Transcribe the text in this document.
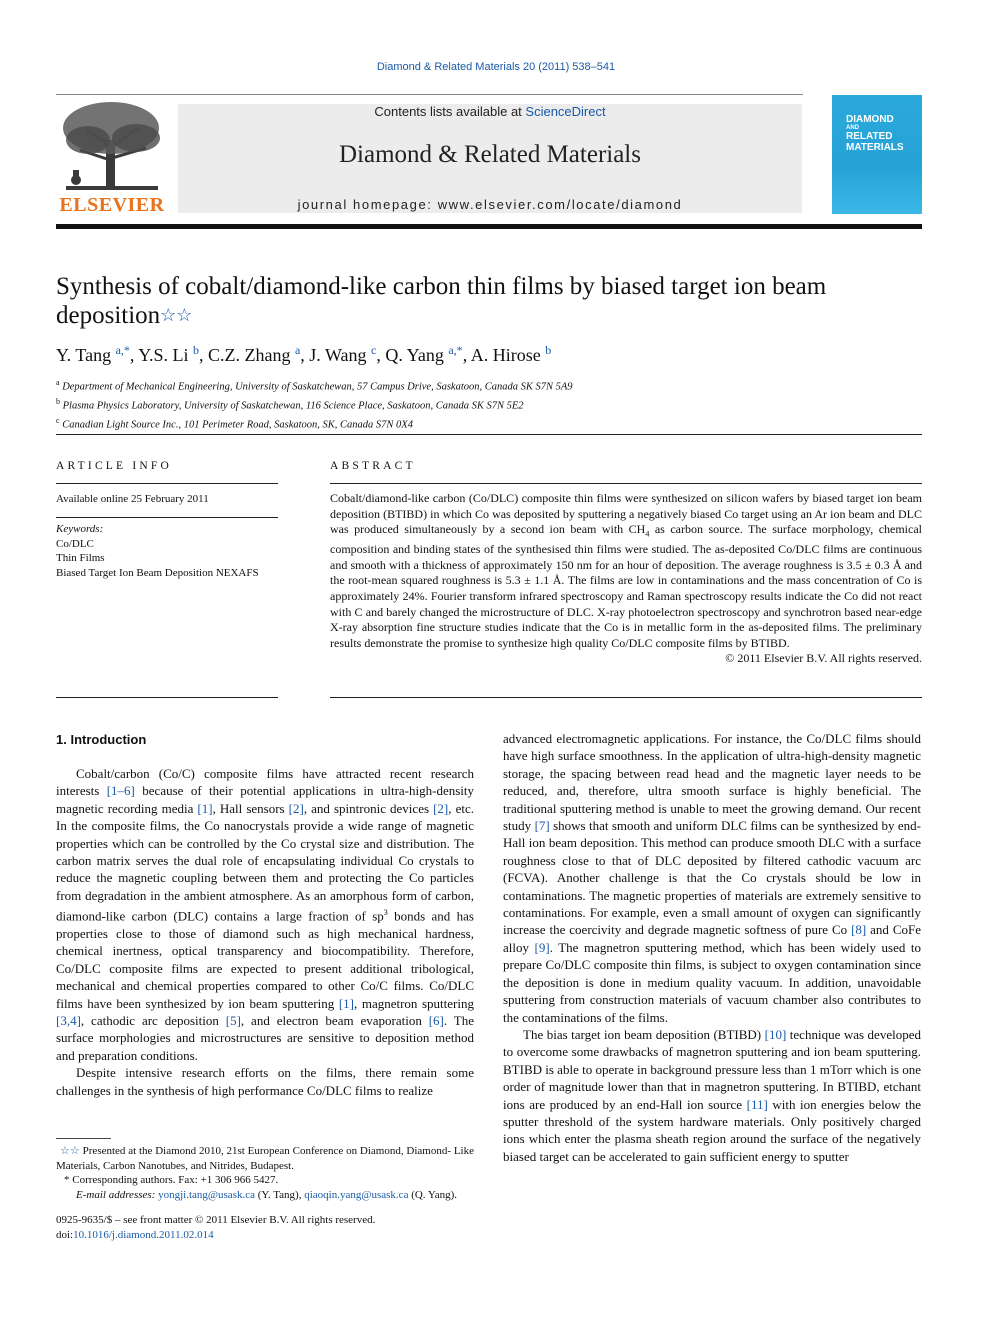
Diamond & Related Materials 20 (2011) 538–541
ELSEVIER
Contents lists available at ScienceDirect
Diamond & Related Materials
journal homepage: www.elsevier.com/locate/diamond
DIAMOND
AND
RELATED
MATERIALS
Synthesis of cobalt/diamond-like carbon thin films by biased target ion beam deposition☆☆
Y. Tang $^{a,*}$, Y.S. Li $^b$, C.Z. Zhang $^a$, J. Wang $^c$, Q. Yang $^{a,*}$, A. Hirose $^b$
$^a$ Department of Mechanical Engineering, University of Saskatchewan, 57 Campus Drive, Saskatoon, Canada SK S7N 5A9
$^b$ Plasma Physics Laboratory, University of Saskatchewan, 116 Science Place, Saskatoon, Canada SK S7N 5E2
$^c$ Canadian Light Source Inc., 101 Perimeter Road, Saskatoon, SK, Canada S7N 0X4
ARTICLE INFO
Available online 25 February 2011
Keywords:
Co/DLC
Thin Films
Biased Target Ion Beam Deposition NEXAFS
ABSTRACT
Cobalt/diamond-like carbon (Co/DLC) composite thin films were synthesized on silicon wafers by biased target ion beam deposition (BTIBD) in which Co was deposited by sputtering a negatively biased Co target using an Ar ion beam and DLC was produced simultaneously by a second ion beam with $CH_4$ as carbon source. The surface morphology, chemical composition and binding states of the synthesised thin films were studied. The as-deposited Co/DLC films are continuous and smooth with a thickness of approximately 150 nm for an hour of deposition. The average roughness is 3.5 ± 0.3 Å and the root-mean squared roughness is 5.3 ± 1.1 Å. The films are low in contaminations and the mass concentration of Co is approximately 24%. Fourier transform infrared spectroscopy and Raman spectroscopy results indicate the Co did not react with C and barely changed the microstructure of DLC. X-ray photoelectron spectroscopy and synchrotron based near-edge X-ray absorption fine structure studies indicate that the Co is in metallic form in the as-deposited films. The preliminary results demonstrate the promise to synthesize high quality Co/DLC composite films by BTIBD.
© 2011 Elsevier B.V. All rights reserved.
1. Introduction

Cobalt/carbon (Co/C) composite films have attracted recent research interests [1–6] because of their potential applications in ultra-high-density magnetic recording media [1], Hall sensors [2], and spintronic devices [2], etc. In the composite films, the Co nanocrystals provide a wide range of magnetic properties which can be controlled by the Co crystal size and distribution. The carbon matrix serves the dual role of encapsulating individual Co crystals to reduce the magnetic coupling between them and protecting the Co particles from degradation in the ambient atmosphere. As an amorphous form of carbon, diamond-like carbon (DLC) contains a large fraction of $sp^3$ bonds and has properties close to those of diamond such as high mechanical hardness, chemical inertness, optical transparency and biocompatibility. Therefore, Co/DLC composite films are expected to present additional tribological, mechanical and chemical properties compared to other Co/C films. Co/DLC films have been synthesized by ion beam sputtering [1], magnetron sputtering [3,4], cathodic arc deposition [5], and electron beam evaporation [6]. The surface morphologies and microstructures are sensitive to deposition method and preparation conditions.

Despite intensive research efforts on the films, there remain some challenges in the synthesis of high performance Co/DLC films to realize

☆☆ Presented at the Diamond 2010, 21st European Conference on Diamond, Diamond- Like Materials, Carbon Nanotubes, and Nitrides, Budapest.
* Corresponding authors. Fax: +1 306 966 5427.
E-mail addresses: yongji.tang@usask.ca (Y. Tang), qiaoqin.yang@usask.ca (Q. Yang).
0925-9635/$ – see front matter © 2011 Elsevier B.V. All rights reserved.
doi:10.1016/j.diamond.2011.02.014

advanced electromagnetic applications. For instance, the Co/DLC films should have high surface smoothness. In the application of ultra-high-density magnetic storage, the spacing between read head and the magnetic layer needs to be reduced, and, therefore, ultra smooth surface is highly beneficial. The traditional sputtering method is unable to meet the growing demand. Our recent study [7] shows that smooth and uniform DLC films can be synthesized by end-Hall ion beam deposition. This method can produce smooth DLC with a surface roughness close to that of DLC deposited by filtered cathodic vacuum arc (FCVA). Another challenge is that the Co crystals should be low in contaminations. The magnetic properties of materials are extremely sensitive to contaminations. For example, even a small amount of oxygen can significantly increase the coercivity and degrade magnetic softness of pure Co [8] and CoFe alloy [9]. The magnetron sputtering method, which has been widely used to prepare Co/DLC composite thin films, is subject to oxygen contamination since the deposition is done in medium quality vacuum. In addition, unavoidable sputtering from construction materials of vacuum chamber also contributes to the contaminations of the films.

The bias target ion beam deposition (BTIBD) [10] technique was developed to overcome some drawbacks of magnetron sputtering and ion beam sputtering. BTIBD is able to operate in background pressure less than 1 mTorr which is one order of magnitude lower than that in magnetron sputtering. In BTIBD, etchant ions are produced by an end-Hall ion source [11] with ion energies below the sputter threshold of the system hardware materials. Only positively charged ions which enter the plasma sheath region around the surface of the negatively biased target can be accelerated to gain sufficient energy to sputter
